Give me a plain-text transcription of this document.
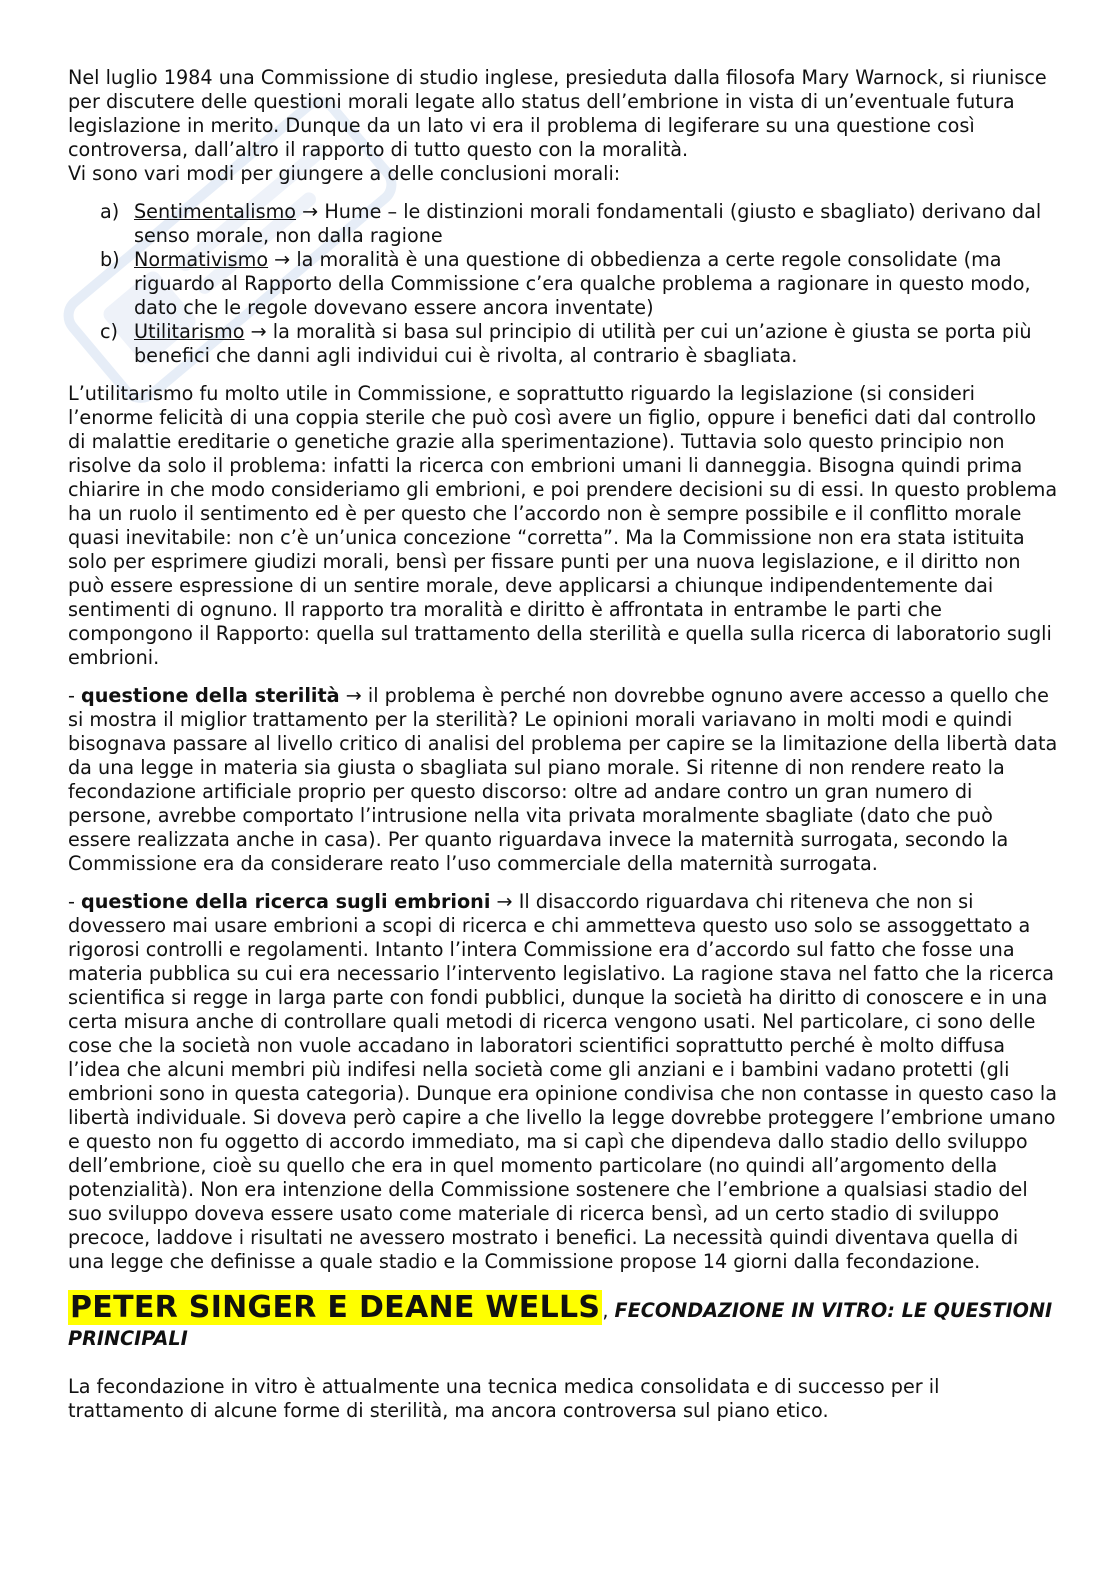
Nel luglio 1984 una Commissione di studio inglese, presieduta dalla filosofa Mary Warnock, si riunisce per discutere delle questioni morali legate allo status dell’embrione in vista di un’eventuale futura legislazione in merito. Dunque da un lato vi era il problema di legiferare su una questione così controversa, dall’altro il rapporto di tutto questo con la moralità.

Vi sono vari modi per giungere a delle conclusioni morali:

a) Sentimentalismo → Hume – le distinzioni morali fondamentali (giusto e sbagliato) derivano dal senso morale, non dalla ragione
b) Normativismo → la moralità è una questione di obbedienza a certe regole consolidate (ma riguardo al Rapporto della Commissione c’era qualche problema a ragionare in questo modo, dato che le regole dovevano essere ancora inventate)
c) Utilitarismo → la moralità si basa sul principio di utilità per cui un’azione è giusta se porta più benefici che danni agli individui cui è rivolta, al contrario è sbagliata.

L’utilitarismo fu molto utile in Commissione, e soprattutto riguardo la legislazione (si consideri l’enorme felicità di una coppia sterile che può così avere un figlio, oppure i benefici dati dal controllo di malattie ereditarie o genetiche grazie alla sperimentazione). Tuttavia solo questo principio non risolve da solo il problema: infatti la ricerca con embrioni umani li danneggia. Bisogna quindi prima chiarire in che modo consideriamo gli embrioni, e poi prendere decisioni su di essi. In questo problema ha un ruolo il sentimento ed è per questo che l’accordo non è sempre possibile e il conflitto morale quasi inevitabile: non c’è un’unica concezione “corretta”. Ma la Commissione non era stata istituita solo per esprimere giudizi morali, bensì per fissare punti per una nuova legislazione, e il diritto non può essere espressione di un sentire morale, deve applicarsi a chiunque indipendentemente dai sentimenti di ognuno. Il rapporto tra moralità e diritto è affrontata in entrambe le parti che compongono il Rapporto: quella sul trattamento della sterilità e quella sulla ricerca di laboratorio sugli embrioni.

- questione della sterilità → il problema è perché non dovrebbe ognuno avere accesso a quello che si mostra il miglior trattamento per la sterilità? Le opinioni morali variavano in molti modi e quindi bisognava passare al livello critico di analisi del problema per capire se la limitazione della libertà data da una legge in materia sia giusta o sbagliata sul piano morale. Si ritenne di non rendere reato la fecondazione artificiale proprio per questo discorso: oltre ad andare contro un gran numero di persone, avrebbe comportato l’intrusione nella vita privata moralmente sbagliate (dato che può essere realizzata anche in casa). Per quanto riguardava invece la maternità surrogata, secondo la Commissione era da considerare reato l’uso commerciale della maternità surrogata.

- questione della ricerca sugli embrioni → Il disaccordo riguardava chi riteneva che non si dovessero mai usare embrioni a scopi di ricerca e chi ammetteva questo uso solo se assoggettato a rigorosi controlli e regolamenti. Intanto l’intera Commissione era d’accordo sul fatto che fosse una materia pubblica su cui era necessario l’intervento legislativo. La ragione stava nel fatto che la ricerca scientifica si regge in larga parte con fondi pubblici, dunque la società ha diritto di conoscere e in una certa misura anche di controllare quali metodi di ricerca vengono usati. Nel particolare, ci sono delle cose che la società non vuole accadano in laboratori scientifici soprattutto perché è molto diffusa l’idea che alcuni membri più indifesi nella società come gli anziani e i bambini vadano protetti (gli embrioni sono in questa categoria). Dunque era opinione condivisa che non contasse in questo caso la libertà individuale. Si doveva però capire a che livello la legge dovrebbe proteggere l’embrione umano e questo non fu oggetto di accordo immediato, ma si capì che dipendeva dallo stadio dello sviluppo dell’embrione, cioè su quello che era in quel momento particolare (no quindi all’argomento della potenzialità). Non era intenzione della Commissione sostenere che l’embrione a qualsiasi stadio del suo sviluppo doveva essere usato come materiale di ricerca bensì, ad un certo stadio di sviluppo precoce, laddove i risultati ne avessero mostrato i benefici. La necessità quindi diventava quella di una legge che definisse a quale stadio e la Commissione propose 14 giorni dalla fecondazione.

PETER SINGER E DEANE WELLS , FECONDAZIONE IN VITRO: LE QUESTIONI PRINCIPALI

La fecondazione in vitro è attualmente una tecnica medica consolidata e di successo per il trattamento di alcune forme di sterilità, ma ancora controversa sul piano etico.
